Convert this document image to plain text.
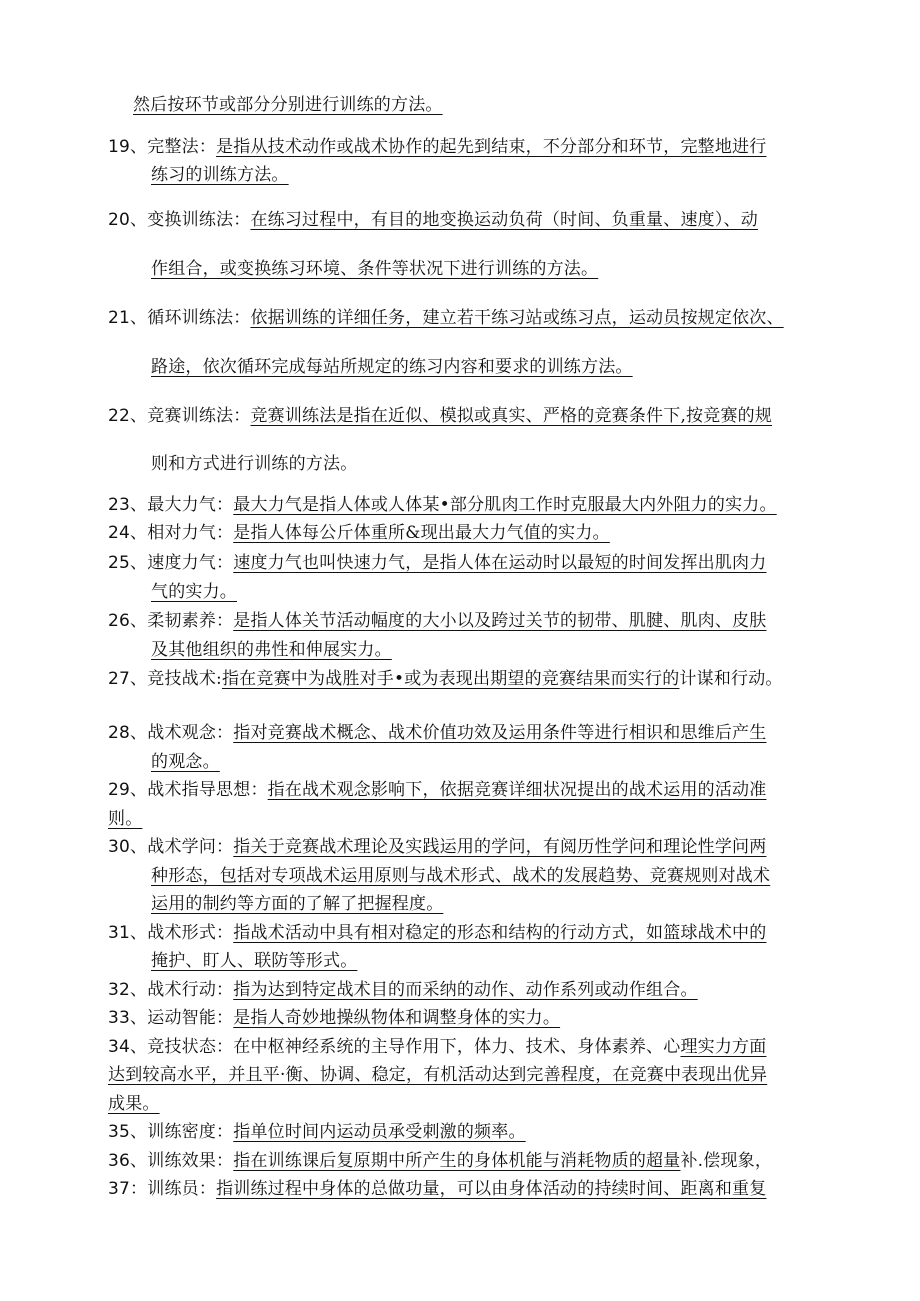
然后按环节或部分分别进行训练的方法。
19、完整法：是指从技术动作或战术协作的起先到结束，不分部分和环节，完整地进行
练习的训练方法。
20、变换训练法：在练习过程中，有目的地变换运动负荷（时间、负重量、速度）、动
作组合，或变换练习环境、条件等状况下进行训练的方法。
21、循环训练法：依据训练的详细任务，建立若干练习站或练习点，运动员按规定依次、
路途，依次循环完成每站所规定的练习内容和要求的训练方法。
22、竞赛训练法：竞赛训练法是指在近似、模拟或真实、严格的竞赛条件下,按竞赛的规
则和方式进行训练的方法。
23、最大力气：最大力气是指人体或人体某•部分肌肉工作时克服最大内外阻力的实力。
24、相对力气：是指人体每公斤体重所&现出最大力气值的实力。
25、速度力气：速度力气也叫快速力气，是指人体在运动时以最短的时间发挥出肌肉力
气的实力。
26、柔韧素养：是指人体关节活动幅度的大小以及跨过关节的韧带、肌腱、肌肉、皮肤
及其他组织的弗性和伸展实力。
27、竞技战术:指在竞赛中为战胜对手•或为表现出期望的竞赛结果而实行的计谋和行动。
28、战术观念：指对竞赛战术概念、战术价值功效及运用条件等进行相识和思维后产生
的观念。
29、战术指导思想：指在战术观念影响下，依据竞赛详细状况提出的战术运用的活动准
则。
30、战术学问：指关于竞赛战术理论及实践运用的学问，有阅历性学问和理论性学问两
种形态，包括对专项战术运用原则与战术形式、战术的发展趋势、竞赛规则对战术
运用的制约等方面的了解了把握程度。
31、战术形式：指战术活动中具有相对稳定的形态和结构的行动方式，如篮球战术中的
掩护、盯人、联防等形式。
32、战术行动：指为达到特定战术目的而采纳的动作、动作系列或动作组合。
33、运动智能：是指人奇妙地操纵物体和调整身体的实力。
34、竞技状态：在中枢神经系统的主导作用下，体力、技术、身体素养、心理实力方面
达到较高水平，并且平·衡、协调、稳定，有机活动达到完善程度，在竞赛中表现出优异
成果。
35、训练密度：指单位时间内运动员承受刺激的频率。
36、训练效果：指在训练课后复原期中所产生的身体机能与消耗物质的超量补.偿现象，
37：训练员：指训练过程中身体的总做功量，可以由身体活动的持续时间、距离和重复
